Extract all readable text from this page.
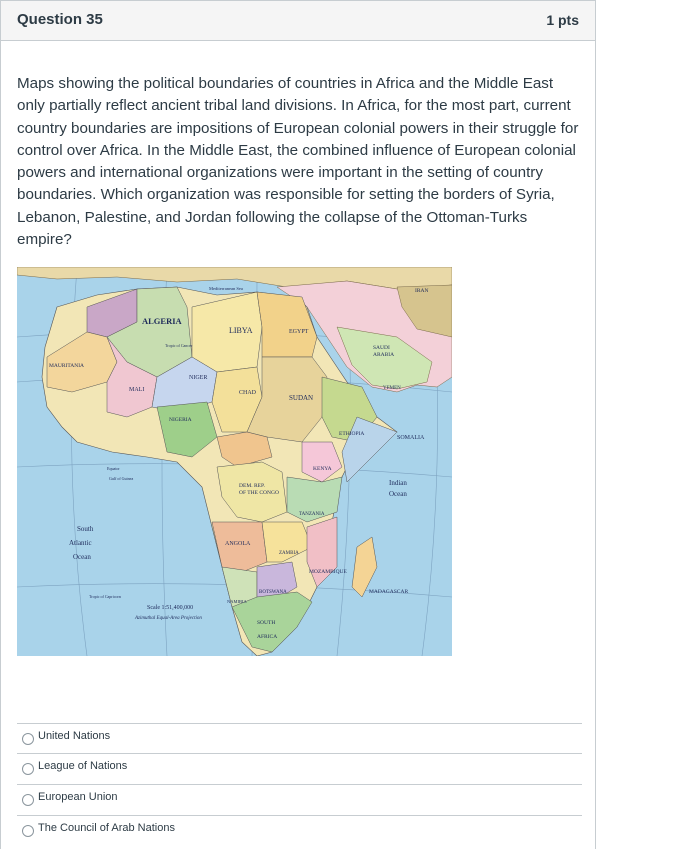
Question 35	1 pts
Maps showing the political boundaries of countries in Africa and the Middle East only partially reflect ancient tribal land divisions. In Africa, for the most part, current country boundaries are impositions of European colonial powers in their struggle for control over Africa. In the Middle East, the combined influence of European colonial powers and international organizations were important in the setting of country boundaries. Which organization was responsible for setting the borders of Syria, Lebanon, Palestine, and Jordan following the collapse of the Ottoman-Turks empire?
ALGERIA
LIBYA	EGYPT
MAURITANIA
MALI
NIGER
CHAD
SUDAN
ETHIOPIA
SOMALIA
SAUDI
ARABIA
IRAN
YEMEN
NIGERIA
KENYA
DEM. REP.
OF THE CONGO
TANZANIA
ANGOLA
ZAMBIA
MOZAMBIQUE
MADAGASCAR
BOTSWANA
NAMIBIA
SOUTH
AFRICA
South
Atlantic
Ocean
Indian
Ocean
Scale 1:51,400,000
Azimuthal Equal-Area Projection
Mediterranean Sea
Gulf of Guinea
Tropic of Cancer
Tropic of Capricorn
Equator
United Nations
League of Nations
European Union
The Council of Arab Nations
